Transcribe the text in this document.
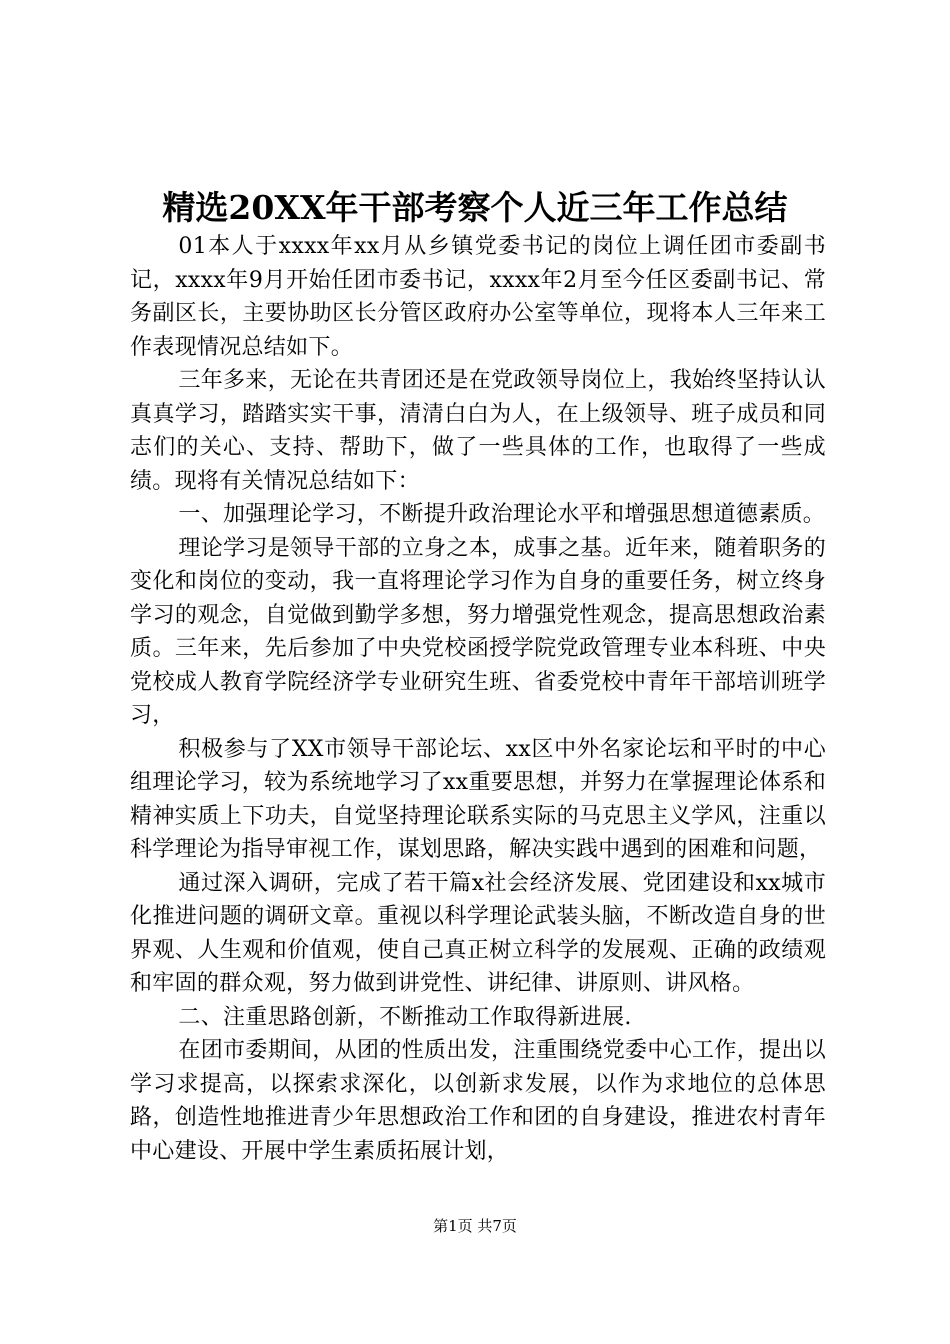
精选20XX年干部考察个人近三年工作总结

01本人于xxxx年xx月从乡镇党委书记的岗位上调任团市委副书记，xxxx年9月开始任团市委书记，xxxx年2月至今任区委副书记、常务副区长，主要协助区长分管区政府办公室等单位，现将本人三年来工作表现情况总结如下。

三年多来，无论在共青团还是在党政领导岗位上，我始终坚持认认真真学习，踏踏实实干事，清清白白为人，在上级领导、班子成员和同志们的关心、支持、帮助下，做了一些具体的工作，也取得了一些成绩。现将有关情况总结如下：

一、加强理论学习，不断提升政治理论水平和增强思想道德素质。

理论学习是领导干部的立身之本，成事之基。近年来，随着职务的变化和岗位的变动，我一直将理论学习作为自身的重要任务，树立终身学习的观念，自觉做到勤学多想，努力增强党性观念，提高思想政治素质。三年来，先后参加了中央党校函授学院党政管理专业本科班、中央党校成人教育学院经济学专业研究生班、省委党校中青年干部培训班学习，

积极参与了XX市领导干部论坛、xx区中外名家论坛和平时的中心组理论学习，较为系统地学习了xx重要思想，并努力在掌握理论体系和精神实质上下功夫，自觉坚持理论联系实际的马克思主义学风，注重以科学理论为指导审视工作，谋划思路，解决实践中遇到的困难和问题，

通过深入调研，完成了若干篇x社会经济发展、党团建设和xx城市化推进问题的调研文章。重视以科学理论武装头脑，不断改造自身的世界观、人生观和价值观，使自己真正树立科学的发展观、正确的政绩观和牢固的群众观，努力做到讲党性、讲纪律、讲原则、讲风格。

二、注重思路创新，不断推动工作取得新进展.

在团市委期间，从团的性质出发，注重围绕党委中心工作，提出以学习求提高，以探索求深化，以创新求发展，以作为求地位的总体思路，创造性地推进青少年思想政治工作和团的自身建设，推进农村青年中心建设、开展中学生素质拓展计划，

第1页 共7页
